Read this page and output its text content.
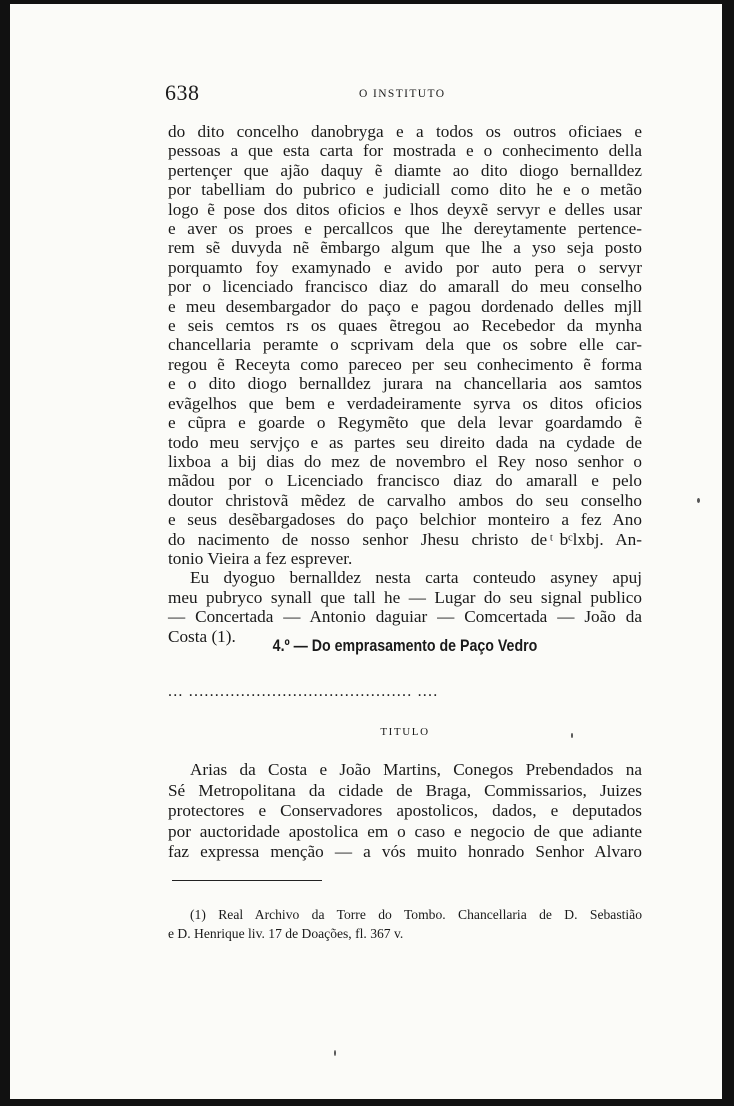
638	O INSTITUTO
do dito concelho danobryga e a todos os outros oficiaes e
pessoas a que esta carta for mostrada e o conhecimento della
pertençer que ajão daquy ẽ diamte ao dito diogo bernalldez
por tabelliam do pubrico e judiciall como dito he e o metão
logo ẽ pose dos ditos oficios e lhos deyxẽ servyr e delles usar
e aver os proes e percallcos que lhe dereytamente pertence-
rem sẽ duvyda nẽ ẽmbargo algum que lhe a yso seja posto
porquamto foy examynado e avido por auto pera o servyr
por o licenciado francisco diaz do amarall do meu conselho
e meu desembargador do paço e pagou dordenado delles mjll
e seis cemtos rs os quaes ẽtregou ao Recebedor da mynha
chancellaria peramte o scprivam dela que os sobre elle car-
regou ẽ Receyta como pareceo per seu conhecimento ẽ forma
e o dito diogo bernalldez jurara na chancellaria aos samtos
evãgelhos que bem e verdadeiramente syrva os ditos oficios
e cũpra e goarde o Regymẽto que dela levar goardamdo ẽ
todo meu servjço e as partes seu direito dada na cydade de
lixboa a bij dias do mez de novembro el Rey noso senhor o
mãdou por o Licenciado francisco diaz do amarall e pelo
doutor christovã mẽdez de carvalho ambos do seu conselho
e seus desẽbargadoses do paço belchior monteiro a fez Ano
do nacimento de nosso senhor Jhesu christo de ͭbᶜlxbj. An-
tonio Vieira a fez esprever.
Eu dyoguo bernalldez nesta carta conteudo asyney apuj
meu pubryco synall que tall he — Lugar do seu signal publico
— Concertada — Antonio daguiar — Comcertada — João da
Costa (1).
4.º — Do emprasamento de Paço Vedro
... ........................................... ....
TITULO
Arias da Costa e João Martins, Conegos Prebendados na
Sé Metropolitana da cidade de Braga, Commissarios, Juizes
protectores e Conservadores apostolicos, dados, e deputados
por auctoridade apostolica em o caso e negocio de que adiante
faz expressa menção — a vós muito honrado Senhor Alvaro
(1) Real Archivo da Torre do Tombo. Chancellaria de D. Sebastião
e D. Henrique liv. 17 de Doações, fl. 367 v.
